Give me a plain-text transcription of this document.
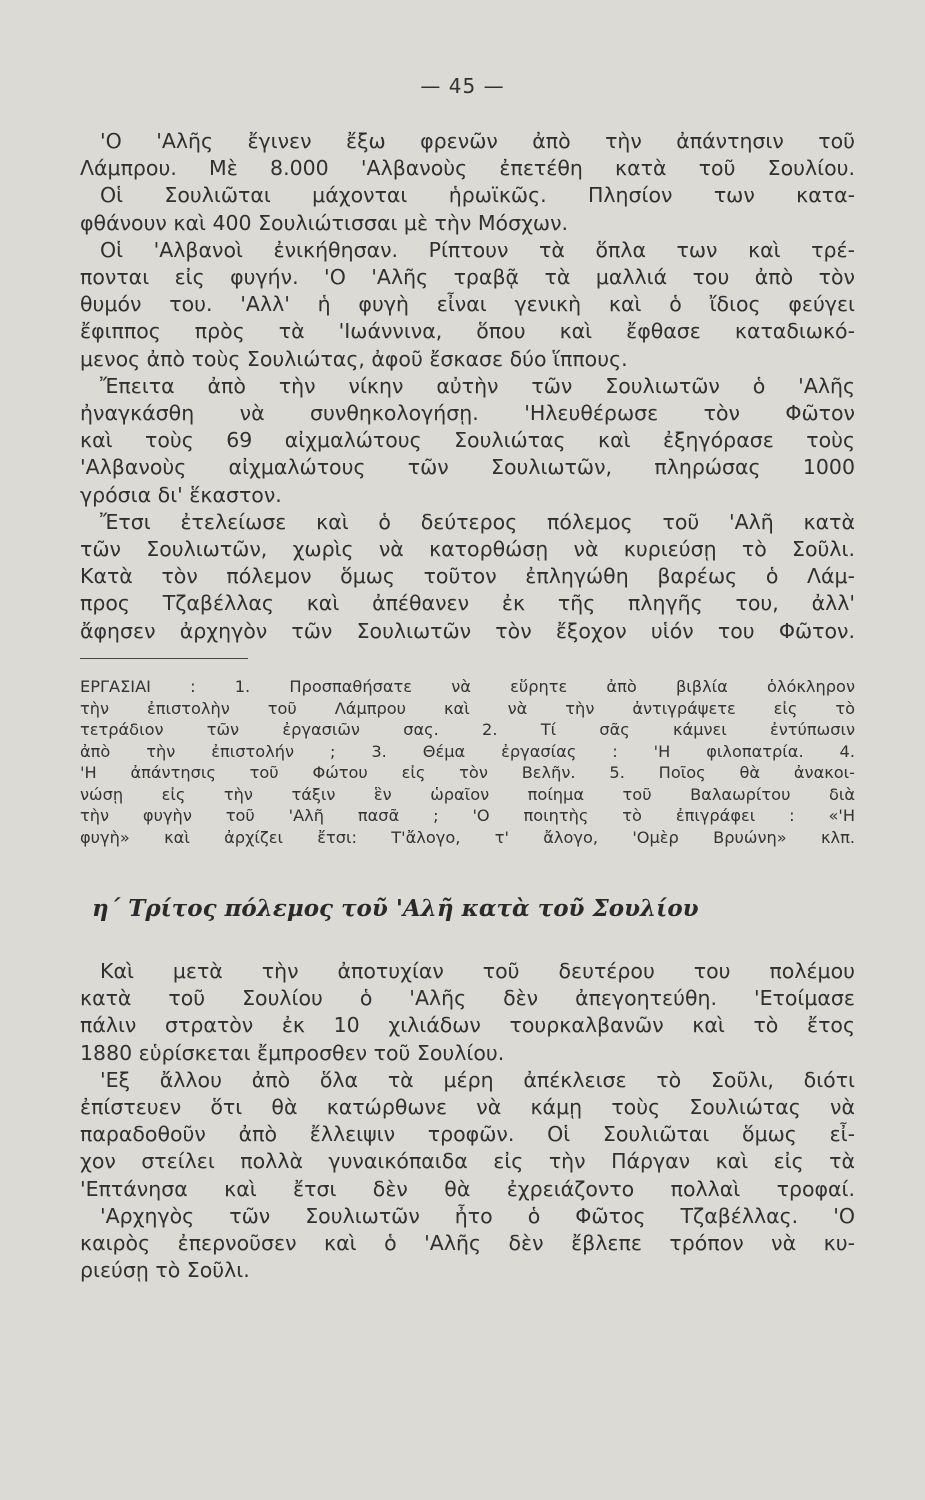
— 45 —
'Ο 'Αλῆς ἔγινεν ἔξω φρενῶν ἀπὸ τὴν ἀπάντησιν τοῦ
Λάμπρου. Μὲ 8.000 'Αλβανοὺς ἐπετέθη κατὰ τοῦ Σουλίου.
Οἱ Σουλιῶται μάχονται ἡρωϊκῶς. Πλησίον των κατα-
φθάνουν καὶ 400 Σουλιώτισσαι μὲ τὴν Μόσχων.
Οἱ 'Αλβανοὶ ἐνικήθησαν. Ρίπτουν τὰ ὅπλα των καὶ τρέ-
πονται εἰς φυγήν. 'Ο 'Αλῆς τραβᾷ τὰ μαλλιά του ἀπὸ τὸν
θυμόν του. 'Αλλ' ἡ φυγὴ εἶναι γενικὴ καὶ ὁ ἴδιος φεύγει
ἔφιππος πρὸς τὰ 'Ιωάννινα, ὅπου καὶ ἔφθασε καταδιωκό-
μενος ἀπὸ τοὺς Σουλιώτας, ἀφοῦ ἔσκασε δύο ἵππους.
Ἔπειτα ἀπὸ τὴν νίκην αὐτὴν τῶν Σουλιωτῶν ὁ 'Αλῆς
ἠναγκάσθη νὰ συνθηκολογήσῃ. 'Ηλευθέρωσε τὸν Φῶτον
καὶ τοὺς 69 αἰχμαλώτους Σουλιώτας καὶ ἐξηγόρασε τοὺς
'Αλβανοὺς αἰχμαλώτους τῶν Σουλιωτῶν, πληρώσας 1000
γρόσια δι' ἕκαστον.
Ἔτσι ἐτελείωσε καὶ ὁ δεύτερος πόλεμος τοῦ 'Αλῆ κατὰ
τῶν Σουλιωτῶν, χωρὶς νὰ κατορθώσῃ νὰ κυριεύσῃ τὸ Σοῦλι.
Κατὰ τὸν πόλεμον ὅμως τοῦτον ἐπληγώθη βαρέως ὁ Λάμ-
προς Τζαβέλλας καὶ ἀπέθανεν ἐκ τῆς πληγῆς του, ἀλλ'
ἄφησεν ἀρχηγὸν τῶν Σουλιωτῶν τὸν ἔξοχον υἱόν του Φῶτον.
ΕΡΓΑΣΙΑΙ : 1. Προσπαθήσατε νὰ εὕρητε ἀπὸ βιβλία ὁλόκληρον
τὴν ἐπιστολὴν τοῦ Λάμπρου καὶ νὰ τὴν ἀντιγράψετε εἰς τὸ
τετράδιον τῶν ἐργασιῶν σας. 2. Τί σᾶς κάμνει ἐντύπωσιν
ἀπὸ τὴν ἐπιστολήν ; 3. Θέμα ἐργασίας : 'Η φιλοπατρία. 4.
'Η ἀπάντησις τοῦ Φώτου εἰς τὸν Βελῆν. 5. Ποῖος θὰ ἀνακοι-
νώσῃ εἰς τὴν τάξιν ἓν ὡραῖον ποίημα τοῦ Βαλαωρίτου διὰ
τὴν φυγὴν τοῦ 'Αλῆ πασᾶ ; 'Ο ποιητὴς τὸ ἐπιγράφει : «'Η
φυγὴ» καὶ ἀρχίζει ἔτσι: Τ'ἄλογο, τ' ἄλογο, 'Ομὲρ Βρυώνη» κλπ.
η΄ Τρίτος πόλεμος τοῦ 'Αλῆ κατὰ τοῦ Σουλίου
Καὶ μετὰ τὴν ἀποτυχίαν τοῦ δευτέρου του πολέμου
κατὰ τοῦ Σουλίου ὁ 'Αλῆς δὲν ἀπεγοητεύθη. 'Ετοίμασε
πάλιν στρατὸν ἐκ 10 χιλιάδων τουρκαλβανῶν καὶ τὸ ἔτος
1880 εὑρίσκεται ἔμπροσθεν τοῦ Σουλίου.
'Εξ ἄλλου ἀπὸ ὅλα τὰ μέρη ἀπέκλεισε τὸ Σοῦλι, διότι
ἐπίστευεν ὅτι θὰ κατώρθωνε νὰ κάμῃ τοὺς Σουλιώτας νὰ
παραδοθοῦν ἀπὸ ἔλλειψιν τροφῶν. Οἱ Σουλιῶται ὅμως εἶ-
χον στείλει πολλὰ γυναικόπαιδα εἰς τὴν Πάργαν καὶ εἰς τὰ
'Επτάνησα καὶ ἔτσι δὲν θὰ ἐχρειάζοντο πολλαὶ τροφαί.
'Αρχηγὸς τῶν Σουλιωτῶν ἦτο ὁ Φῶτος Τζαβέλλας. 'Ο
καιρὸς ἐπερνοῦσεν καὶ ὁ 'Αλῆς δὲν ἔβλεπε τρόπον νὰ κυ-
ριεύσῃ τὸ Σοῦλι.
